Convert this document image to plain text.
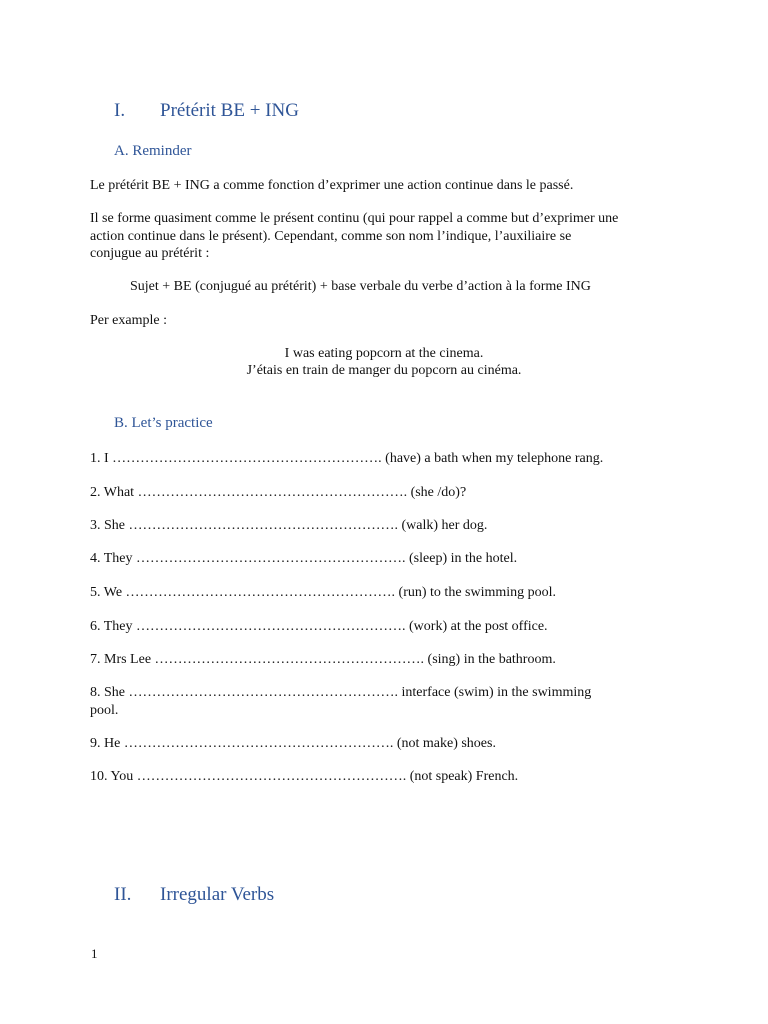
I. Prétérit BE + ING
A. Reminder
Le prétérit BE + ING a comme fonction d’exprimer une action continue dans le passé.
Il se forme quasiment comme le présent continu (qui pour rappel a comme but d’exprimer une
action continue dans le présent). Cependant, comme son nom l’indique, l’auxiliaire se
conjugue au prétérit :
Sujet + BE (conjugué au prétérit) + base verbale du verbe d’action à la forme ING
Per example :
I was eating popcorn at the cinema.
J’étais en train de manger du popcorn au cinéma.
B. Let’s practice
1. I …………………………………………………. (have) a bath when my telephone rang.
2. What …………………………………………………. (she /do)?
3. She …………………………………………………. (walk) her dog.
4. They …………………………………………………. (sleep) in the hotel.
5. We …………………………………………………. (run) to the swimming pool.
6. They …………………………………………………. (work) at the post office.
7. Mrs Lee …………………………………………………. (sing) in the bathroom.
8. She …………………………………………………. interface (swim) in the swimming
pool.
9. He …………………………………………………. (not make) shoes.
10. You …………………………………………………. (not speak) French.
II. Irregular Verbs
1
